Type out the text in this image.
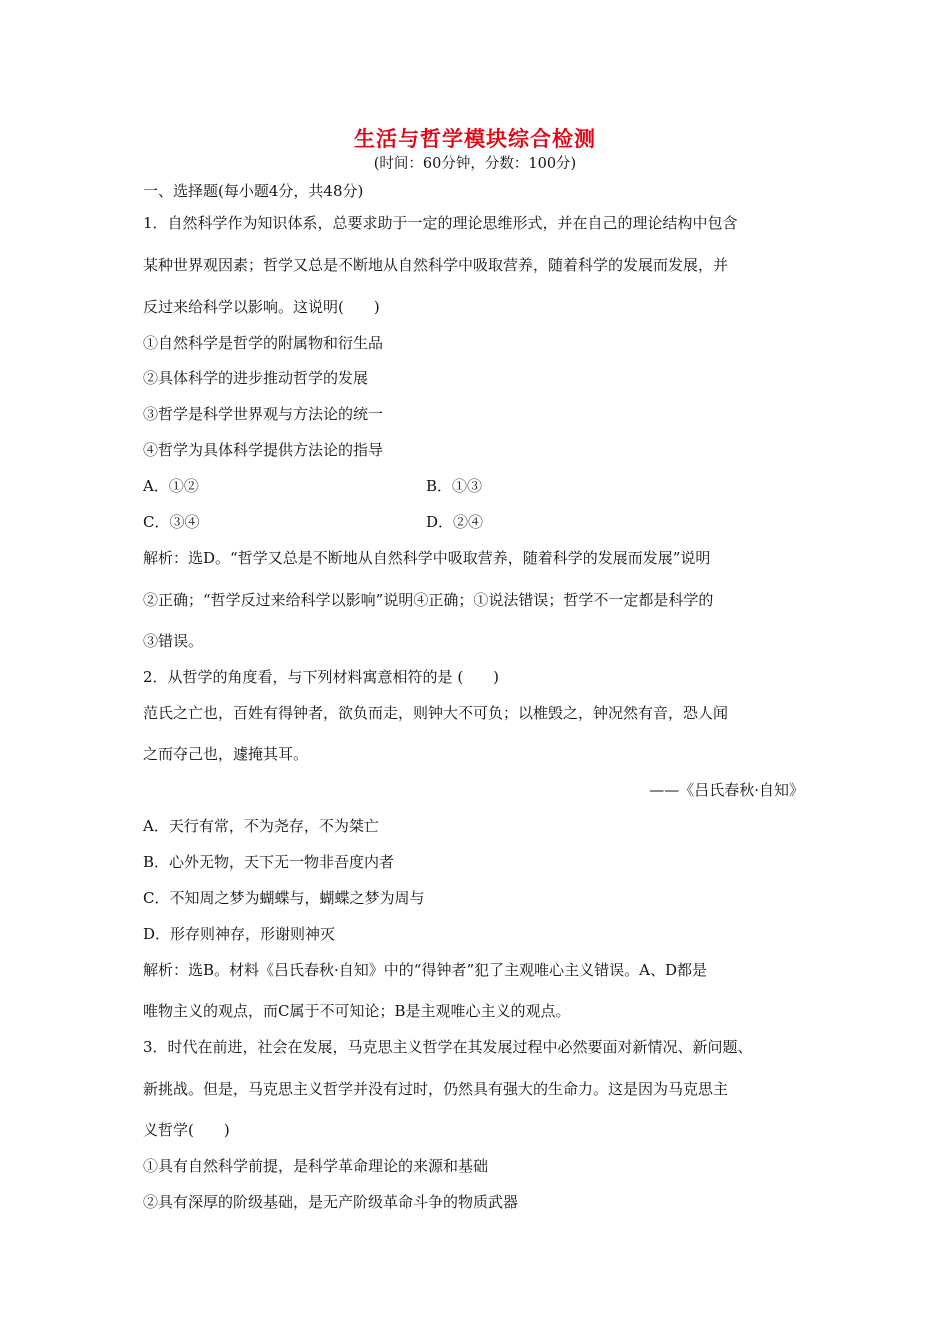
生活与哲学模块综合检测
(时间：60分钟，分数：100分)
一、选择题(每小题4分，共48分)
1．自然科学作为知识体系，总要求助于一定的理论思维形式，并在自己的理论结构中包含
某种世界观因素；哲学又总是不断地从自然科学中吸取营养，随着科学的发展而发展，并
反过来给科学以影响。这说明(　　)
①自然科学是哲学的附属物和衍生品
②具体科学的进步推动哲学的发展
③哲学是科学世界观与方法论的统一
④哲学为具体科学提供方法论的指导
A．①②	B．①③
C．③④	D．②④
解析：选D。“哲学又总是不断地从自然科学中吸取营养，随着科学的发展而发展”说明
②正确；“哲学反过来给科学以影响”说明④正确；①说法错误；哲学不一定都是科学的
③错误。
2．从哲学的角度看，与下列材料寓意相符的是 (　　)
范氏之亡也，百姓有得钟者，欲负而走，则钟大不可负；以椎毁之，钟况然有音，恐人闻
之而夺己也，遽掩其耳。
——《吕氏春秋·自知》
A．天行有常，不为尧存，不为桀亡
B．心外无物，天下无一物非吾度内者
C．不知周之梦为蝴蝶与，蝴蝶之梦为周与
D．形存则神存，形谢则神灭
解析：选B。材料《吕氏春秋·自知》中的“得钟者”犯了主观唯心主义错误。A、D都是
唯物主义的观点，而C属于不可知论；B是主观唯心主义的观点。
3．时代在前进，社会在发展，马克思主义哲学在其发展过程中必然要面对新情况、新问题、
新挑战。但是，马克思主义哲学并没有过时，仍然具有强大的生命力。这是因为马克思主
义哲学(　　)
①具有自然科学前提，是科学革命理论的来源和基础
②具有深厚的阶级基础，是无产阶级革命斗争的物质武器
